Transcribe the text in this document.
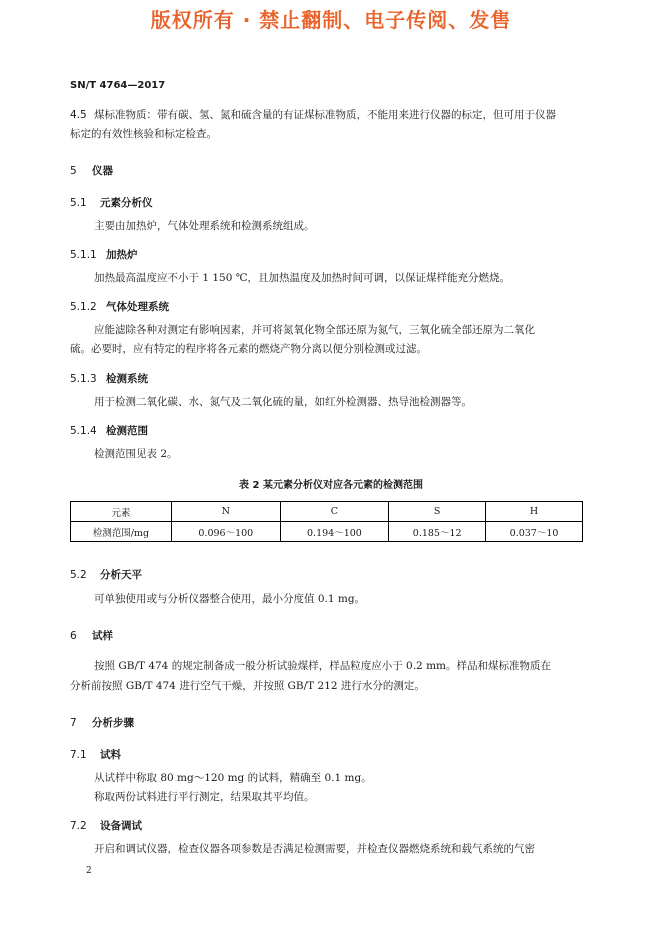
版权所有 · 禁止翻制、电子传阅、发售
SN/T 4764—2017
4.5 煤标准物质：带有碳、氢、氮和硫含量的有证煤标准物质，不能用来进行仪器的标定，但可用于仪器
标定的有效性核验和标定检查。
5 仪器
5.1 元素分析仪
主要由加热炉，气体处理系统和检测系统组成。
5.1.1 加热炉
加热最高温度应不小于 1 150 ℃，且加热温度及加热时间可调，以保证煤样能充分燃烧。
5.1.2 气体处理系统
应能滤除各种对测定有影响因素，并可将氮氧化物全部还原为氮气，三氧化硫全部还原为二氧化
硫。必要时，应有特定的程序将各元素的燃烧产物分离以便分别检测或过滤。
5.1.3 检测系统
用于检测二氧化碳、水、氮气及二氧化硫的量，如红外检测器、热导池检测器等。
5.1.4 检测范围
检测范围见表 2。
表 2 某元素分析仪对应各元素的检测范围
元素	N	C	S	H
检测范围/mg	0.096～100	0.194～100	0.185～12	0.037～10
5.2 分析天平
可单独使用或与分析仪器整合使用，最小分度值 0.1 mg。
6 试样
按照 GB/T 474 的规定制备成一般分析试验煤样，样品粒度应小于 0.2 mm。样品和煤标准物质在
分析前按照 GB/T 474 进行空气干燥，并按照 GB/T 212 进行水分的测定。
7 分析步骤
7.1 试料
从试样中称取 80 mg～120 mg 的试料，精确至 0.1 mg。
称取两份试料进行平行测定，结果取其平均值。
7.2 设备调试
开启和调试仪器，检查仪器各项参数是否满足检测需要，并检查仪器燃烧系统和载气系统的气密
2
